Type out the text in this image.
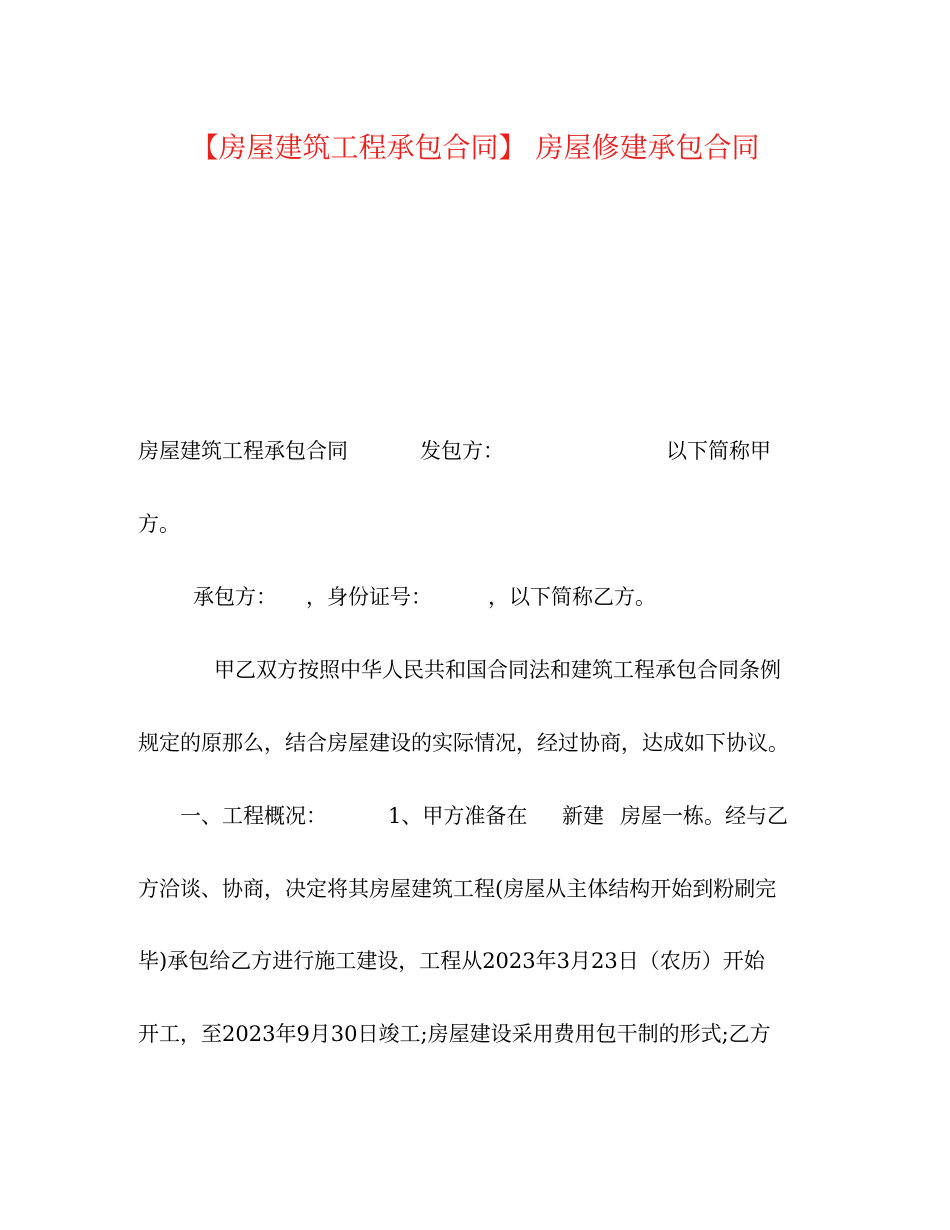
【房屋建筑工程承包合同】 房屋修建承包合同
房屋建筑工程承包合同	发包方：	以下简称甲
方。
承包方： ，身份证号：	，以下简称乙方。
甲乙双方按照中华人民共和国合同法和建筑工程承包合同条例
规定的原那么，结合房屋建设的实际情况，经过协商，达成如下协议。
一、工程概况：	1、甲方准备在 新建 房屋一栋。经与乙
方洽谈、协商，决定将其房屋建筑工程(房屋从主体结构开始到粉刷完
毕)承包给乙方进行施工建设，工程从2023年3月23日（农历）开始
开工，至2023年9月30日竣工;房屋建设采用费用包干制的形式;乙方
